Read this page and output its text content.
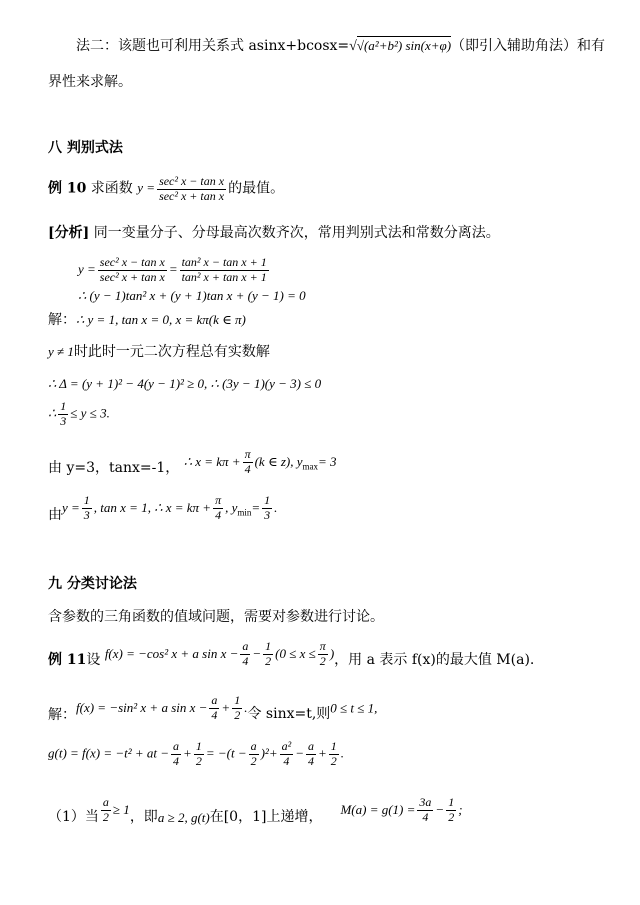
法二：该题也可利用关系式 asinx+bcosx=√√(a²+b²) sin(x+φ)（即引入辅助角法）和有
界性来求解。
八 判别式法
例 10 求函数 $y = \frac{\text{sec² x − tan x}}{\text{sec² x + tan x}}$ 的最值。
[分析] 同一变量分子、分母最高次数齐次，常用判别式法和常数分离法。
$y = \frac{\text{sec² x − tan x}}{\text{sec² x + tan x}} = \frac{\text{tan² x − tan x + 1}}{\text{tan² x + tan x + 1}}$
∴ (y − 1)tan² x + (y + 1)tan x + (y − 1) = 0
解：∴ y = 1, tan x = 0, x = kπ(k ∈ π)
y ≠ 1时此时一元二次方程总有实数解
∴ Δ = (y + 1)² − 4(y − 1)² ≥ 0, ∴ (3y − 1)(y − 3) ≤ 0
∴ $\frac{1}{3} \le y \le 3$.
由 y=3，tanx=-1， ∴ $x = k\pi + \frac{\pi}{4} (k$ ∈ z), $y_{max}= 3$
由$y = \frac{1}{3}$ , tan x = 1, ∴ $x = k\pi + \frac{\pi}{4}$ , $y_{min}= \frac{1}{3}$ .
九 分类讨论法
含参数的三角函数的值域问题，需要对参数进行讨论。
例 11设 f(x) = −cos² x + a $\sin x - \frac{a}{4} - \frac{1}{2} (0 \le x \le \frac{\pi}{2}$ )，用 a 表示 f(x)的最大值 M(a).
解：f(x) = −sin² x + a $\sin x - \frac{a}{4} + \frac{1}{2}$ .令 sinx=t,则0 ≤ t ≤ 1,
g(t) = f(x) = −t² + at − $\frac{a}{4} + \frac{1}{2} = -(t - \frac{a}{2} )^2+ \frac{\text{a²}}{4} - \frac{a}{4} + \frac{1}{2}$ .
（1）当 $\frac{a}{2} \ge 1$，即a ≥ 2, g(t)在[0，1]上递增， $M(a) = g(1) = \frac{3a}{4} - \frac{1}{2}$ ;
